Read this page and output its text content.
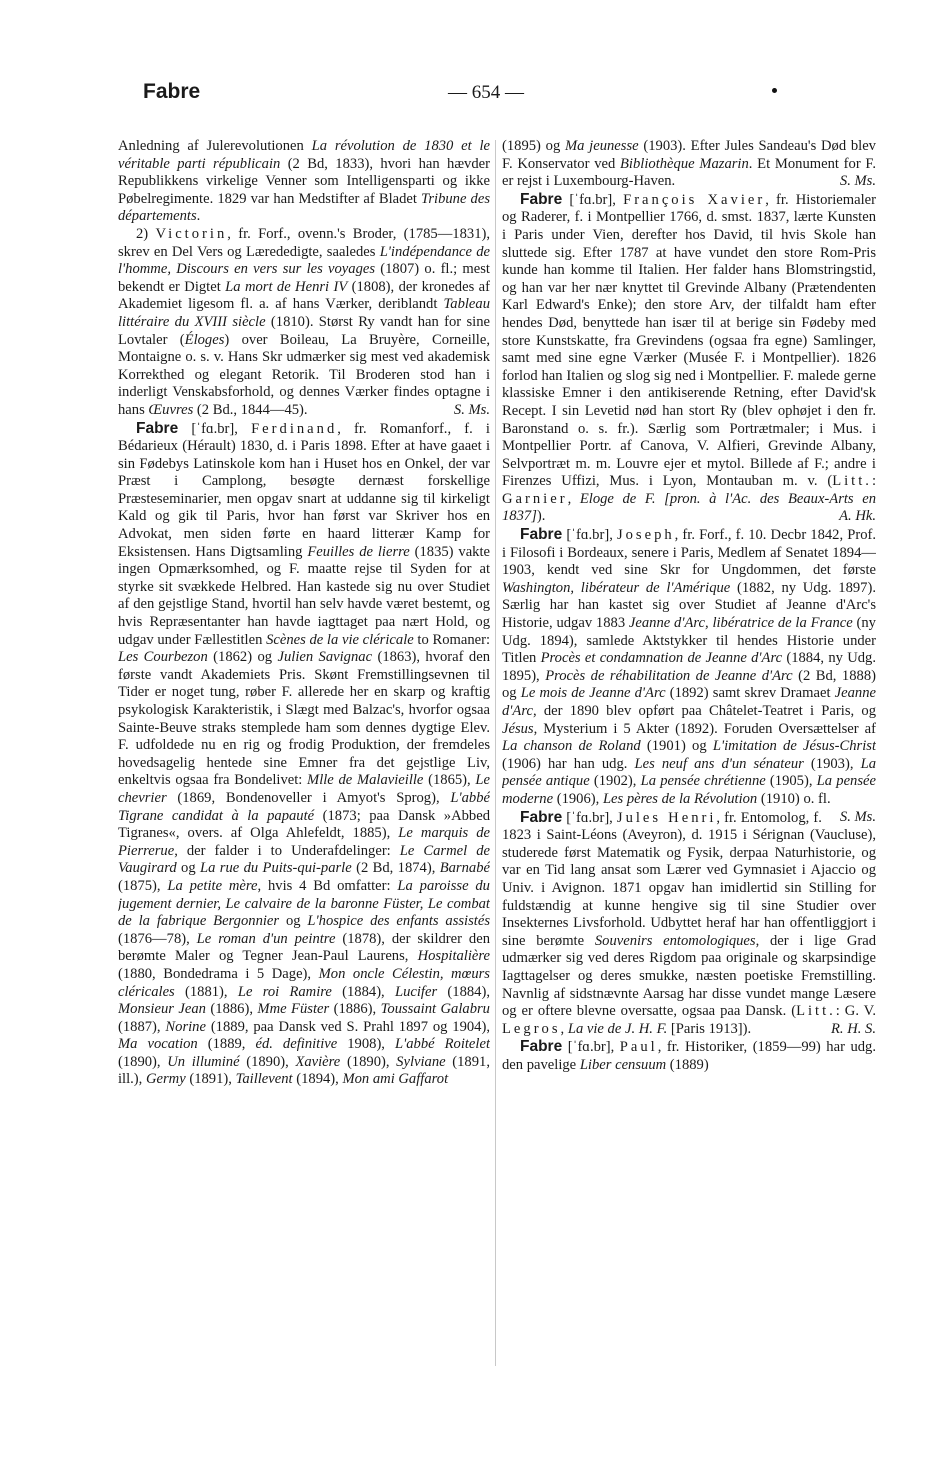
Fabre	— 654 —

Anledning af Julerevolutionen La révolution de 1830 et le véritable parti républicain (2 Bd, 1833), hvori han hævder Republikkens virkelige Venner som Intelligensparti og ikke Pøbelregimente. 1829 var han Medstifter af Bladet Tribune des départements.

2) Victorin, fr. Forf., ovenn.'s Broder, (1785—1831), skrev en Del Vers og Lærededigte, saaledes L'indépendance de l'homme, Discours en vers sur les voyages (1807) o. fl.; mest bekendt er Digtet La mort de Henri IV (1808), der kronedes af Akademiet ligesom fl. a. af hans Værker, deriblandt Tableau littéraire du XVIII siècle (1810). Størst Ry vandt han for sine Lovtaler (Éloges) over Boileau, La Bruyère, Corneille, Montaigne o. s. v. Hans Skr udmærker sig mest ved akademisk Korrekthed og elegant Retorik. Til Broderen stod han i inderligt Venskabsforhold, og dennes Værker findes optagne i hans Œuvres (2 Bd., 1844—45).	S. Ms.

Fabre [ˈfɑ.br], Ferdinand, fr. Romanforf., f. i Bédarieux (Hérault) 1830, d. i Paris 1898. Efter at have gaaet i sin Fødebys Latinskole kom han i Huset hos en Onkel, der var Præst i Camplong, besøgte dernæst forskellige Præsteseminarier, men opgav snart at uddanne sig til kirkeligt Kald og gik til Paris, hvor han først var Skriver hos en Advokat, men siden førte en haard litterær Kamp for Eksistensen. Hans Digtsamling Feuilles de lierre (1835) vakte ingen Opmærksomhed, og F. maatte rejse til Syden for at styrke sit svækkede Helbred. Han kastede sig nu over Studiet af den gejstlige Stand, hvortil han selv havde været bestemt, og hvis Repræsentanter han havde iagttaget paa nært Hold, og udgav under Fællestitlen Scènes de la vie cléricale to Romaner: Les Courbezon (1862) og Julien Savignac (1863), hvoraf den første vandt Akademiets Pris. Skønt Fremstillingsevnen til Tider er noget tung, røber F. allerede her en skarp og kraftig psykologisk Karakteristik, i Slægt med Balzac's, hvorfor ogsaa Sainte-Beuve straks stemplede ham som dennes dygtige Elev. F. udfoldede nu en rig og frodig Produktion, der fremdeles hovedsagelig hentede sine Emner fra det gejstlige Liv, enkeltvis ogsaa fra Bondelivet: Mlle de Malavieille (1865), Le chevrier (1869, Bondenoveller i Amyot's Sprog), L'abbé Tigrane candidat à la papauté (1873; paa Dansk »Abbed Tigranes«, overs. af Olga Ahlefeldt, 1885), Le marquis de Pierrerue, der falder i to Underafdelinger: Le Carmel de Vaugirard og La rue du Puits-qui-parle (2 Bd, 1874), Barnabé (1875), La petite mère, hvis 4 Bd omfatter: La paroisse du jugement dernier, Le calvaire de la baronne Füster, Le combat de la fabrique Bergonnier og L'hospice des enfants assistés (1876—78), Le roman d'un peintre (1878), der skildrer den berømte Maler og Tegner Jean-Paul Laurens, Hospitalière (1880, Bondedrama i 5 Dage), Mon oncle Célestin, mœurs cléricales (1881), Le roi Ramire (1884), Lucifer (1884), Monsieur Jean (1886), Mme Füster (1886), Toussaint Galabru (1887), Norine (1889, paa Dansk ved S. Prahl 1897 og 1904), Ma vocation (1889, éd. definitive 1908), L'abbé Roitelet (1890), Un illuminé (1890), Xavière (1890), Sylviane (1891, ill.), Germy (1891), Taillevent (1894), Mon ami Gaffarot

(1895) og Ma jeunesse (1903). Efter Jules Sandeau's Død blev F. Konservator ved Bibliothèque Mazarin. Et Monument for F. er rejst i Luxembourg-Haven.	S. Ms.

Fabre [ˈfɑ.br], François Xavier, fr. Historiemaler og Raderer, f. i Montpellier 1766, d. smst. 1837, lærte Kunsten i Paris under Vien, derefter hos David, til hvis Skole han sluttede sig. Efter 1787 at have vundet den store Rom-Pris kunde han komme til Italien. Her falder hans Blomstringstid, og han var her nær knyttet til Grevinde Albany (Prætendenten Karl Edward's Enke); den store Arv, der tilfaldt ham efter hendes Død, benyttede han især til at berige sin Fødeby med store Kunstskatte, fra Grevindens (ogsaa fra egne) Samlinger, samt med sine egne Værker (Musée F. i Montpellier). 1826 forlod han Italien og slog sig ned i Montpellier. F. malede gerne klassiske Emner i den antikiserende Retning, efter David'sk Recept. I sin Levetid nød han stort Ry (blev ophøjet i den fr. Baronstand o. s. fr.). Særlig som Portrætmaler; i Mus. i Montpellier Portr. af Canova, V. Alfieri, Grevinde Albany, Selvportræt m. m. Louvre ejer et mytol. Billede af F.; andre i Firenzes Uffizi, Mus. i Lyon, Montauban m. v. (Litt.: Garnier, Eloge de F. [pron. à l'Ac. des Beaux-Arts en 1837]).	A. Hk.

Fabre [ˈfɑ.br], Joseph, fr. Forf., f. 10. Decbr 1842, Prof. i Filosofi i Bordeaux, senere i Paris, Medlem af Senatet 1894—1903, kendt ved sine Skr for Ungdommen, det første Washington, libérateur de l'Amérique (1882, ny Udg. 1897). Særlig har han kastet sig over Studiet af Jeanne d'Arc's Historie, udgav 1883 Jeanne d'Arc, libératrice de la France (ny Udg. 1894), samlede Aktstykker til hendes Historie under Titlen Procès et condamnation de Jeanne d'Arc (1884, ny Udg. 1895), Procès de réhabilitation de Jeanne d'Arc (2 Bd, 1888) og Le mois de Jeanne d'Arc (1892) samt skrev Dramaet Jeanne d'Arc, der 1890 blev opført paa Châtelet-Teatret i Paris, og Jésus, Mysterium i 5 Akter (1892). Foruden Oversættelser af La chanson de Roland (1901) og L'imitation de Jésus-Christ (1906) har han udg. Les neuf ans d'un sénateur (1903), La pensée antique (1902), La pensée chrétienne (1905), La pensée moderne (1906), Les pères de la Révolution (1910) o. fl.
S. Ms.

Fabre [ˈfɑ.br], Jules Henri, fr. Entomolog, f. 1823 i Saint-Léons (Aveyron), d. 1915 i Sérignan (Vaucluse), studerede først Matematik og Fysik, derpaa Naturhistorie, og var en Tid lang ansat som Lærer ved Gymnasiet i Ajaccio og Univ. i Avignon. 1871 opgav han imidlertid sin Stilling for fuldstændig at kunne hengive sig til sine Studier over Insekternes Livsforhold. Udbyttet heraf har han offentliggjort i sine berømte Souvenirs entomologiques, der i lige Grad udmærker sig ved deres Rigdom paa originale og skarpsindige Iagttagelser og deres smukke, næsten poetiske Fremstilling. Navnlig af sidstnævnte Aarsag har disse vundet mange Læsere og er oftere blevne oversatte, ogsaa paa Dansk. (Litt.: G. V. Legros, La vie de J. H. F. [Paris 1913]).	R. H. S.

Fabre [ˈfɑ.br], Paul, fr. Historiker, (1859—99) har udg. den pavelige Liber censuum (1889)
